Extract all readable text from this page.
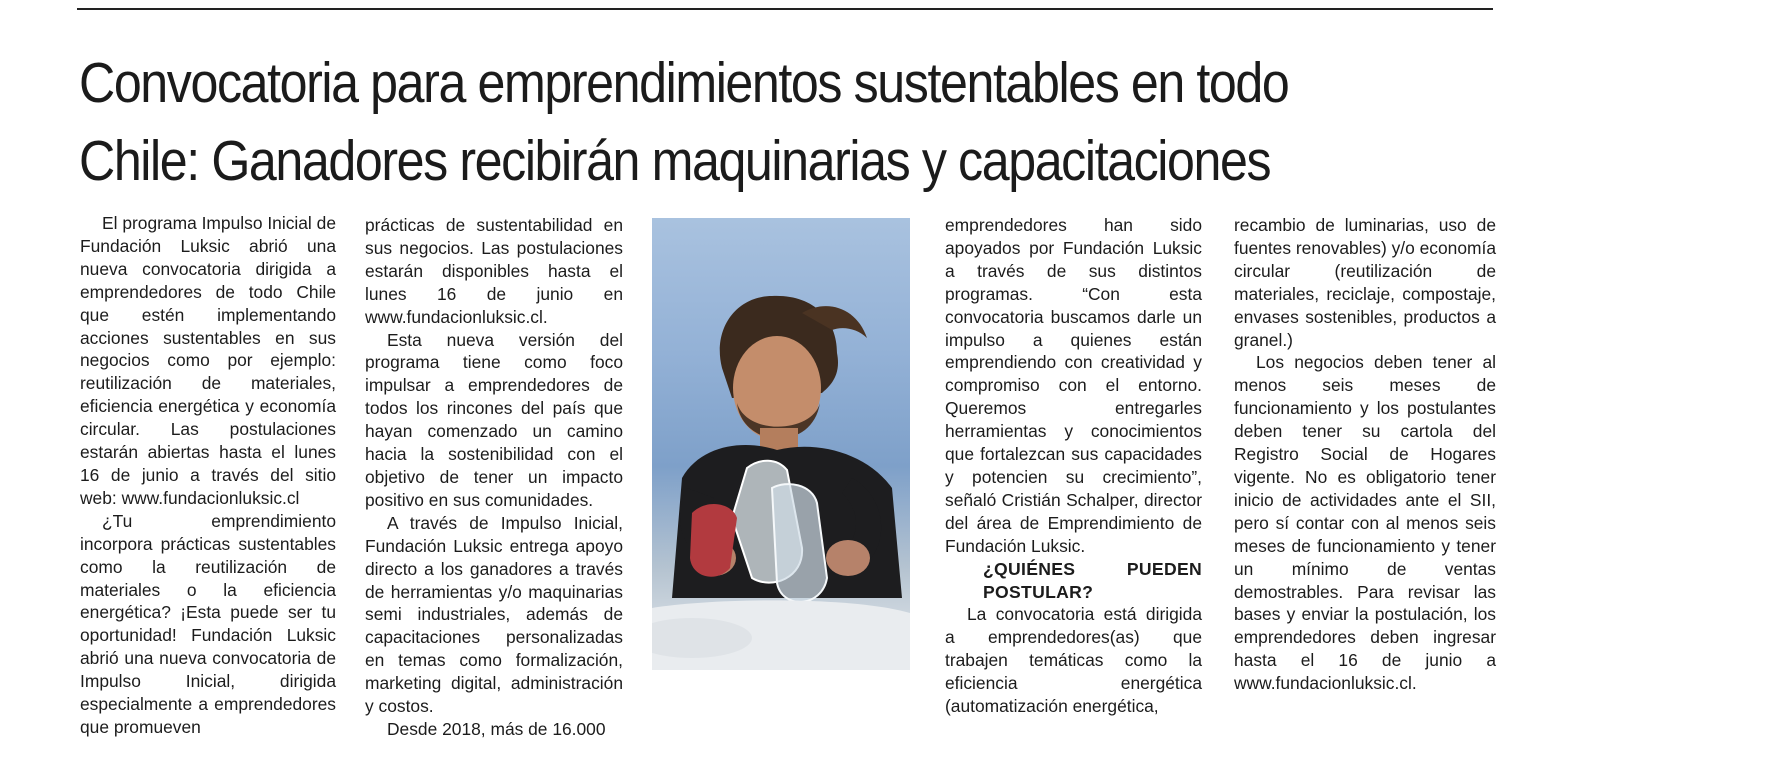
Convocatoria para emprendimientos sustentables en todo
Chile: Ganadores recibirán maquinarias y capacitaciones

El programa Impulso Inicial de Fundación Luksic abrió una nueva convocatoria dirigida a emprendedores de todo Chile que estén implementando acciones sustentables en sus negocios como por ejemplo: reutilización de materiales, eficiencia energética y economía circular. Las postulaciones estarán abiertas hasta el lunes 16 de junio a través del sitio web: www.fundacionluksic.cl

¿Tu emprendimiento incorpora prácticas sustentables como la reutilización de materiales o la eficiencia energética? ¡Esta puede ser tu oportunidad! Fundación Luksic abrió una nueva convocatoria de Impulso Inicial, dirigida especialmente a emprendedores que promueven

prácticas de sustentabilidad en sus negocios. Las postulaciones estarán disponibles hasta el lunes 16 de junio en www.fundacionluksic.cl.

Esta nueva versión del programa tiene como foco impulsar a emprendedores de todos los rincones del país que hayan comenzado un camino hacia la sostenibilidad con el objetivo de tener un impacto positivo en sus comunidades.

A través de Impulso Inicial, Fundación Luksic entrega apoyo directo a los ganadores a través de herramientas y/o maquinarias semi industriales, además de capacitaciones personalizadas en temas como formalización, marketing digital, administración y costos.

Desde 2018, más de 16.000

emprendedores han sido apoyados por Fundación Luksic a través de sus distintos programas. “Con esta convocatoria buscamos darle un impulso a quienes están emprendiendo con creatividad y compromiso con el entorno. Queremos entregarles herramientas y conocimientos que fortalezcan sus capacidades y potencien su crecimiento”, señaló Cristián Schalper, director del área de Emprendimiento de Fundación Luksic.

¿QUIÉNES PUEDEN POSTULAR?

La convocatoria está dirigida a emprendedores(as) que trabajen temáticas como la eficiencia energética (automatización energética,

recambio de luminarias, uso de fuentes renovables) y/o economía circular (reutilización de materiales, reciclaje, compostaje, envases sostenibles, productos a granel.)

Los negocios deben tener al menos seis meses de funcionamiento y los postulantes deben tener su cartola del Registro Social de Hogares vigente. No es obligatorio tener inicio de actividades ante el SII, pero sí contar con al menos seis meses de funcionamiento y tener un mínimo de ventas demostrables. Para revisar las bases y enviar la postulación, los emprendedores deben ingresar hasta el 16 de junio a www.fundacionluksic.cl.
